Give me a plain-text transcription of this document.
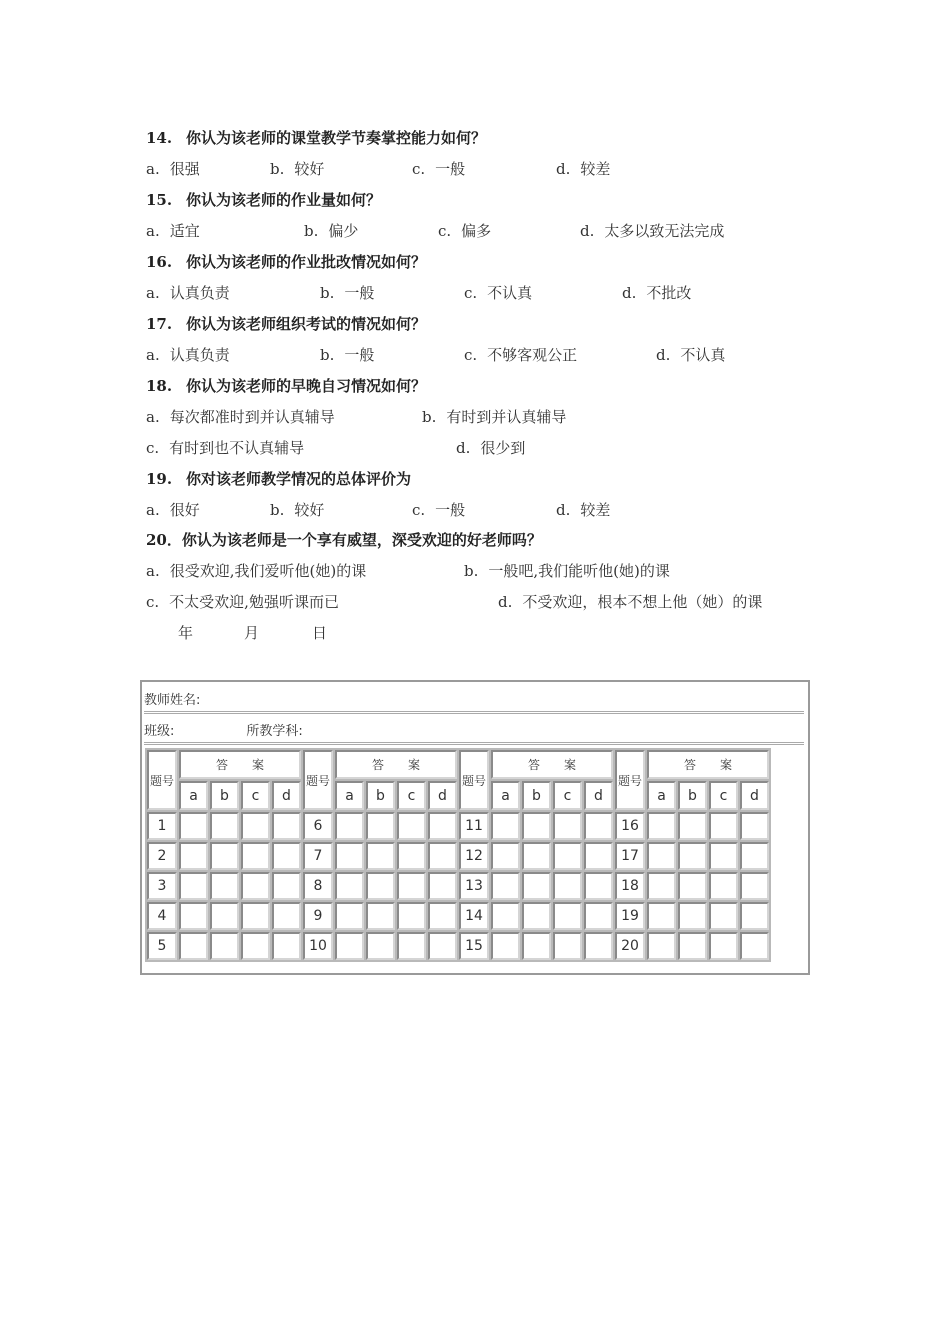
14. 你认为该老师的课堂教学节奏掌控能力如何？
a. 很强	b. 较好	c. 一般	d. 较差
15. 你认为该老师的作业量如何？
a. 适宜	b. 偏少	c. 偏多	d. 太多以致无法完成
16. 你认为该老师的作业批改情况如何？
a. 认真负责	b. 一般	c. 不认真	d. 不批改
17. 你认为该老师组织考试的情况如何？
a. 认真负责	b. 一般	c. 不够客观公正	d. 不认真
18. 你认为该老师的早晚自习情况如何？
a. 每次都准时到并认真辅导	b. 有时到并认真辅导
c. 有时到也不认真辅导	d. 很少到
19. 你对该老师教学情况的总体评价为
a. 很好	b. 较好	c. 一般	d. 较差
20．你认为该老师是一个享有威望，深受欢迎的好老师吗？
a. 很受欢迎,我们爱听他(她)的课	b. 一般吧,我们能听他(她)的课
c. 不太受欢迎,勉强听课而已	d. 不受欢迎，根本不想上他（她）的课
年	月	日
教师姓名:
班级:	所教学科:
题号	答　　案				题号	答　　案				题号	答　　案				题号	答　　案			
	a	b	c	d		a	b	c	d		a	b	c	d		a	b	c	d
1					6					11					16				
2					7					12					17				
3					8					13					18				
4					9					14					19				
5					10					15					20				
